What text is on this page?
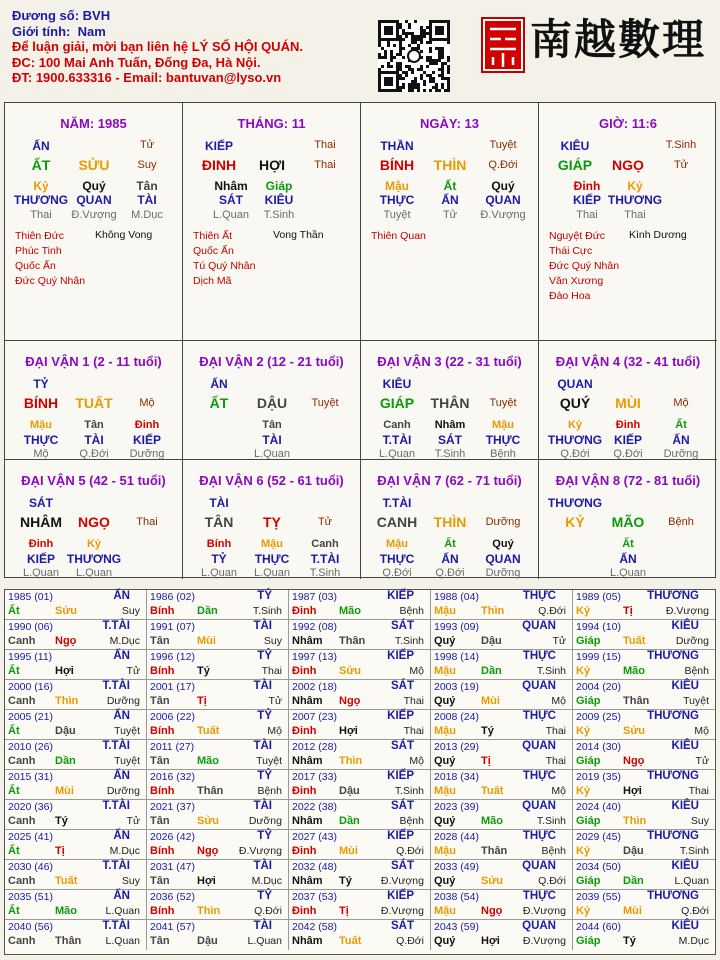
Đương số: BVH
Giới tính: Nam
Để luận giải, mời bạn liên hệ LÝ SỐ HỘI QUÁN.
ĐC: 100 Mai Anh Tuấn, Đống Đa, Hà Nội.
ĐT: 1900.633316 - Email: bantuvan@lyso.vn
南越數理
NĂM: 1985
ẤN	Tử
ẤT SỬU	Suy
Kỷ	Quý	Tân
THƯƠNG QUAN TÀI
Thai Đ.Vượng M.Dục
Thiên Đức
Phúc Tinh
Quốc Ấn
Đức Quý Nhân
Không Vong
THÁNG: 11
KIẾP	Thai
ĐINH HỢI	Thai
Nhâm Giáp
SÁT KIÊU
L.Quan T.Sinh
Thiên Ất
Quốc Ấn
Tú Quý Nhân
Dịch Mã
Vong Thần
NGÀY: 13
THẦN	Tuyệt
BÍNH THÌN Q.Đới
Mậu	Ất	Quý
THỰC ẤN QUAN
Tuyệt	Tử Đ.Vượng
Thiên Quan
GIỜ: 11:6
KIÊU	T.Sinh
GIÁP NGỌ	Tử
Đinh Kỷ
KIẾP THƯƠNG
Thai Thai
Nguyệt Đức
Thái Cực
Đức Quý Nhân
Văn Xương
Đào Hoa
Kình Dương
ĐẠI VẬN 1 (2 - 11 tuổi)
TỶ
BÍNH TUẤT Mộ
Mậu	Tân	Đinh
THỰC TÀI KIẾP
Mộ	Q.Đới Dưỡng
ĐẠI VẬN 2 (12 - 21 tuổi)
ẤN
ẤT DẬU Tuyệt
Tân
TÀI
L.Quan
ĐẠI VẬN 3 (22 - 31 tuổi)
KIÊU
GIÁP THÂN Tuyệt
Canh Nhâm Mậu
T.TÀI SÁT THỰC
L.Quan T.Sinh Bệnh
ĐẠI VẬN 4 (32 - 41 tuổi)
QUAN
QUÝ MÙI	Mộ
Kỷ	Đinh	Ất
THƯƠNG KIẾP	ẤN
Q.Đới Q.Đới Dưỡng
ĐẠI VẬN 5 (42 - 51 tuổi)
SÁT
NHÂM NGỌ Thai
Đinh	Kỷ
KIẾP THƯƠNG
L.Quan L.Quan
ĐẠI VẬN 6 (52 - 61 tuổi)
TÀI
TÂN TỴ	Tử
Bính	Mậu	Canh
TỶ THỰC T.TÀI
L.Quan L.Quan T.Sinh
ĐẠI VẬN 7 (62 - 71 tuổi)
T.TÀI
CANH THÌN Dưỡng
Mậu	Ất	Quý
THỰC ẤN QUAN
Q.Đới Q.Đới Dưỡng
ĐẠI VẬN 8 (72 - 81 tuổi)
THƯƠNG
KỶ MÃO Bệnh
Ất
ẤN
L.Quan
1985 (01)	ẤN
Ất	Sửu	Suy
1986 (02)	TỶ
Bính Dần	T.Sinh
1987 (03)	KIẾP
Đinh Mão	Bệnh
1988 (04)	THỰC
Mậu Thìn	Q.Đới
1989 (05) THƯƠNG
Kỷ	Tị	Đ.Vượng
1990 (06)	T.TÀI
Canh Ngọ	M.Dục
1991 (07)	TÀI
Tân Mùi	Suy
1992 (08)	SÁT
Nhâm Thân	T.Sinh
1993 (09)	QUAN
Quý Dậu	Tử
1994 (10)	KIÊU
Giáp Tuất	Dưỡng
1995 (11)	ẤN
Ất	Hợi	Tử
1996 (12)	TỶ
Bính Tý	Thai
1997 (13)	KIẾP
Đinh Sửu	Mộ
1998 (14)	THỰC
Mậu Dần	T.Sinh
1999 (15) THƯƠNG
Kỷ	Mão	Bệnh
2000 (16)	T.TÀI
Canh Thìn	Dưỡng
2001 (17)	TÀI
Tân Tị	Tử
2002 (18)	SÁT
Nhâm Ngọ	Thai
2003 (19)	QUAN
Quý Mùi	Mộ
2004 (20)	KIÊU
Giáp Thân	Tuyệt
2005 (21)	ẤN
Ất	Dậu	Tuyệt
2006 (22)	TỶ
Bính Tuất	Mộ
2007 (23)	KIẾP
Đinh Hợi	Thai
2008 (24)	THỰC
Mậu Tý	Thai
2009 (25) THƯƠNG
Kỷ	Sửu	Mộ
2010 (26)	T.TÀI
Canh Dần	Tuyệt
2011 (27)	TÀI
Tân Mão	Tuyệt
2012 (28)	SÁT
Nhâm Thìn	Mộ
2013 (29)	QUAN
Quý Tị	Thai
2014 (30)	KIÊU
Giáp Ngọ	Tử
2015 (31)	ẤN
Ất	Mùi	Dưỡng
2016 (32)	TỶ
Bính Thân	Bệnh
2017 (33)	KIẾP
Đinh Dậu	T.Sinh
2018 (34)	THỰC
Mậu Tuất	Mộ
2019 (35) THƯƠNG
Kỷ	Hợi	Thai
2020 (36)	T.TÀI
Canh Tý	Tử
2021 (37)	TÀI
Tân Sửu	Dưỡng
2022 (38)	SÁT
Nhâm Dần	Bệnh
2023 (39)	QUAN
Quý Mão	T.Sinh
2024 (40)	KIÊU
Giáp Thìn	Suy
2025 (41)	ẤN
Ất	Tị	M.Dục
2026 (42)	TỶ
Bính Ngọ Đ.Vượng
2027 (43)	KIẾP
Đinh Mùi	Q.Đới
2028 (44)	THỰC
Mậu Thân	Bệnh
2029 (45) THƯƠNG
Kỷ	Dậu	T.Sinh
2030 (46)	T.TÀI
Canh Tuất	Suy
2031 (47)	TÀI
Tân Hợi	M.Dục
2032 (48)	SÁT
Nhâm Tý	Đ.Vượng
2033 (49)	QUAN
Quý Sửu	Q.Đới
2034 (50)	KIÊU
Giáp Dần	L.Quan
2035 (51)	ẤN
Ất	Mão	L.Quan
2036 (52)	TỶ
Bính Thìn	Q.Đới
2037 (53)	KIẾP
Đinh Tị	Đ.Vượng
2038 (54)	THỰC
Mậu Ngọ Đ.Vượng
2039 (55) THƯƠNG
Kỷ	Mùi	Q.Đới
2040 (56)	T.TÀI
Canh Thân L.Quan
2041 (57)	TÀI
Tân Dậu	L.Quan
2042 (58)	SÁT
Nhâm Tuất	Q.Đới
2043 (59)	QUAN
Quý Hợi Đ.Vượng
2044 (60)	KIÊU
Giáp Tý	M.Dục
